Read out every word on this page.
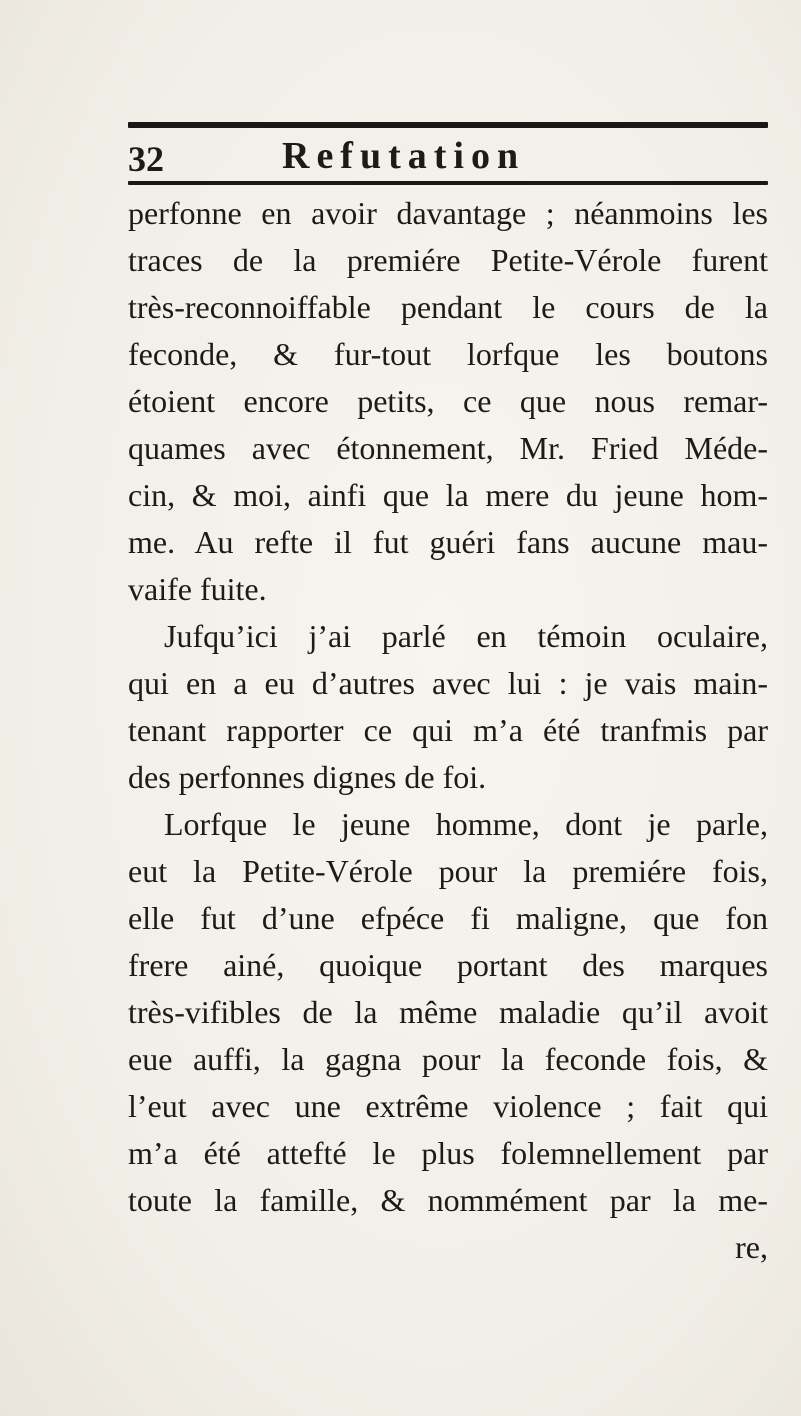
32	Refutation
perfonne en avoir davantage ; néanmoins les
traces de la premiére Petite-Vérole furent
très-reconnoiffable pendant le cours de la
feconde, & fur-tout lorfque les boutons
étoient encore petits, ce que nous remar-
quames avec étonnement, Mr. Fried Méde-
cin, & moi, ainfi que la mere du jeune hom-
me. Au refte il fut guéri fans aucune mau-
vaife fuite.
Jufqu’ici j’ai parlé en témoin oculaire,
qui en a eu d’autres avec lui : je vais main-
tenant rapporter ce qui m’a été tranfmis par
des perfonnes dignes de foi.
Lorfque le jeune homme, dont je parle,
eut la Petite-Vérole pour la premiére fois,
elle fut d’une efpéce fi maligne, que fon
frere ainé, quoique portant des marques
très-vifibles de la même maladie qu’il avoit
eue auffi, la gagna pour la feconde fois, &
l’eut avec une extrême violence ; fait qui
m’a été attefté le plus folemnellement par
toute la famille, & nommément par la me-
re,
